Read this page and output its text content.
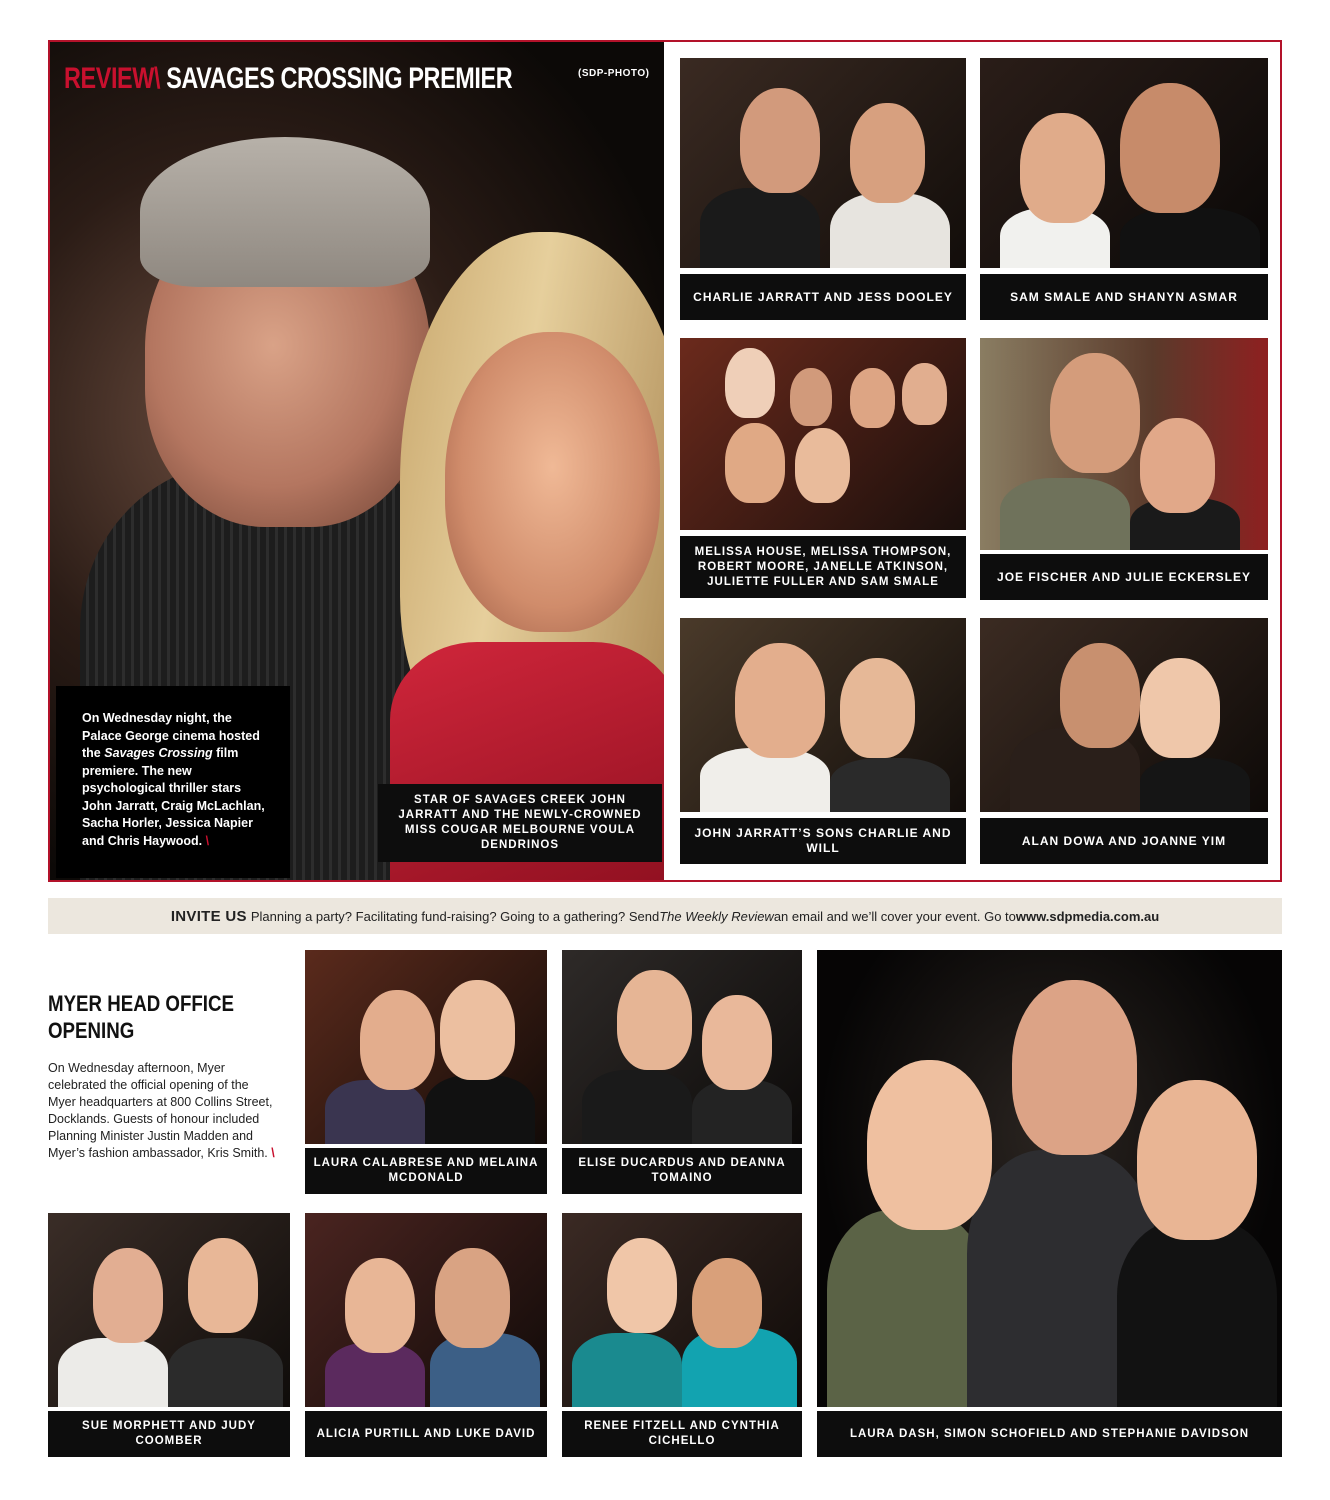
REVIEW\ SAVAGES CROSSING PREMIER	(SDP-PHOTO)
On Wednesday night, the Palace George cinema hosted the Savages Crossing film premiere. The new psychological thriller stars John Jarratt, Craig McLachlan, Sacha Horler, Jessica Napier and Chris Haywood. \
STAR OF SAVAGES CREEK JOHN JARRATT AND THE NEWLY-CROWNED MISS COUGAR MELBOURNE VOULA DENDRINOS
CHARLIE JARRATT AND JESS DOOLEY	SAM SMALE AND SHANYN ASMAR
MELISSA HOUSE, MELISSA THOMPSON, ROBERT MOORE, JANELLE ATKINSON, JULIETTE FULLER AND SAM SMALE	JOE FISCHER AND JULIE ECKERSLEY
JOHN JARRATT’S SONS CHARLIE AND WILL
ALAN DOWA AND JOANNE YIM
INVITE US Planning a party? Facilitating fund-raising? Going to a gathering? Send The Weekly Review an email and we’ll cover your event. Go to www.sdpmedia.com.au
MYER HEAD OFFICE OPENING
On Wednesday afternoon, Myer celebrated the official opening of the Myer headquarters at 800 Collins Street, Docklands. Guests of honour included Planning Minister Justin Madden and Myer’s fashion ambassador, Kris Smith. \
LAURA CALABRESE AND MELAINA MCDONALD
ELISE DUCARDUS AND DEANNA TOMAINO
SUE MORPHETT AND JUDY COOMBER
ALICIA PURTILL AND LUKE DAVID
RENEE FITZELL AND CYNTHIA CICHELLO
LAURA DASH, SIMON SCHOFIELD AND STEPHANIE DAVIDSON
